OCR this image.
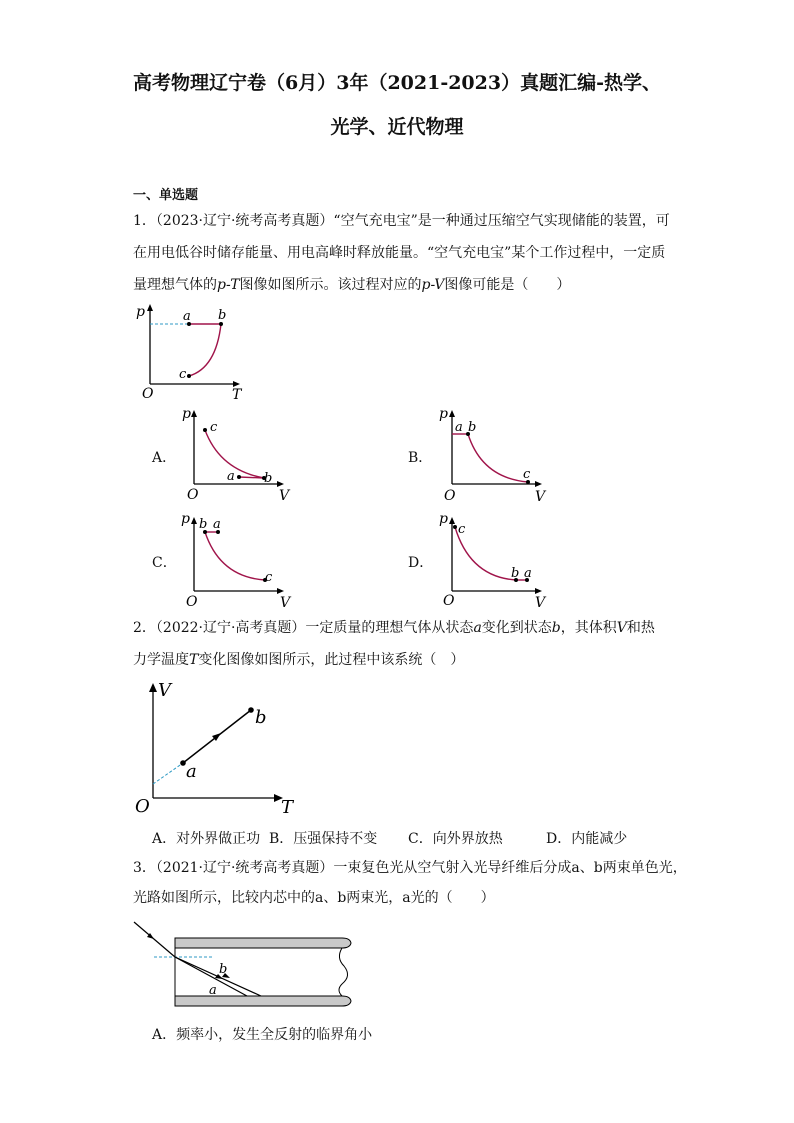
高考物理辽宁卷（6月）3年（2021-2023）真题汇编-热学、
光学、近代物理
一、单选题
1．（2023·辽宁·统考高考真题）“空气充电宝”是一种通过压缩空气实现储能的装置，可
在用电低谷时储存能量、用电高峰时释放能量。“空气充电宝”某个工作过程中，一定质
量理想气体的p-T图像如图所示。该过程对应的p-V图像可能是（　　）
p	a b
c
O	T
A．
p
c
a b
O	V
B．
p
a b
c
O	V
C．
p b a
c
O	V
D．
p
c
b a
O	V
2．（2022·辽宁·高考真题）一定质量的理想气体从状态a变化到状态b，其体积V和热
力学温度T变化图像如图所示，此过程中该系统（　）
V
a
b
O	T
A．对外界做正功 B．压强保持不变 C．向外界放热	D．内能减少
3．（2021·辽宁·统考高考真题）一束复色光从空气射入光导纤维后分成a、b两束单色光，
光路如图所示，比较内芯中的a、b两束光，a光的（　　）
b
a
A．频率小，发生全反射的临界角小
